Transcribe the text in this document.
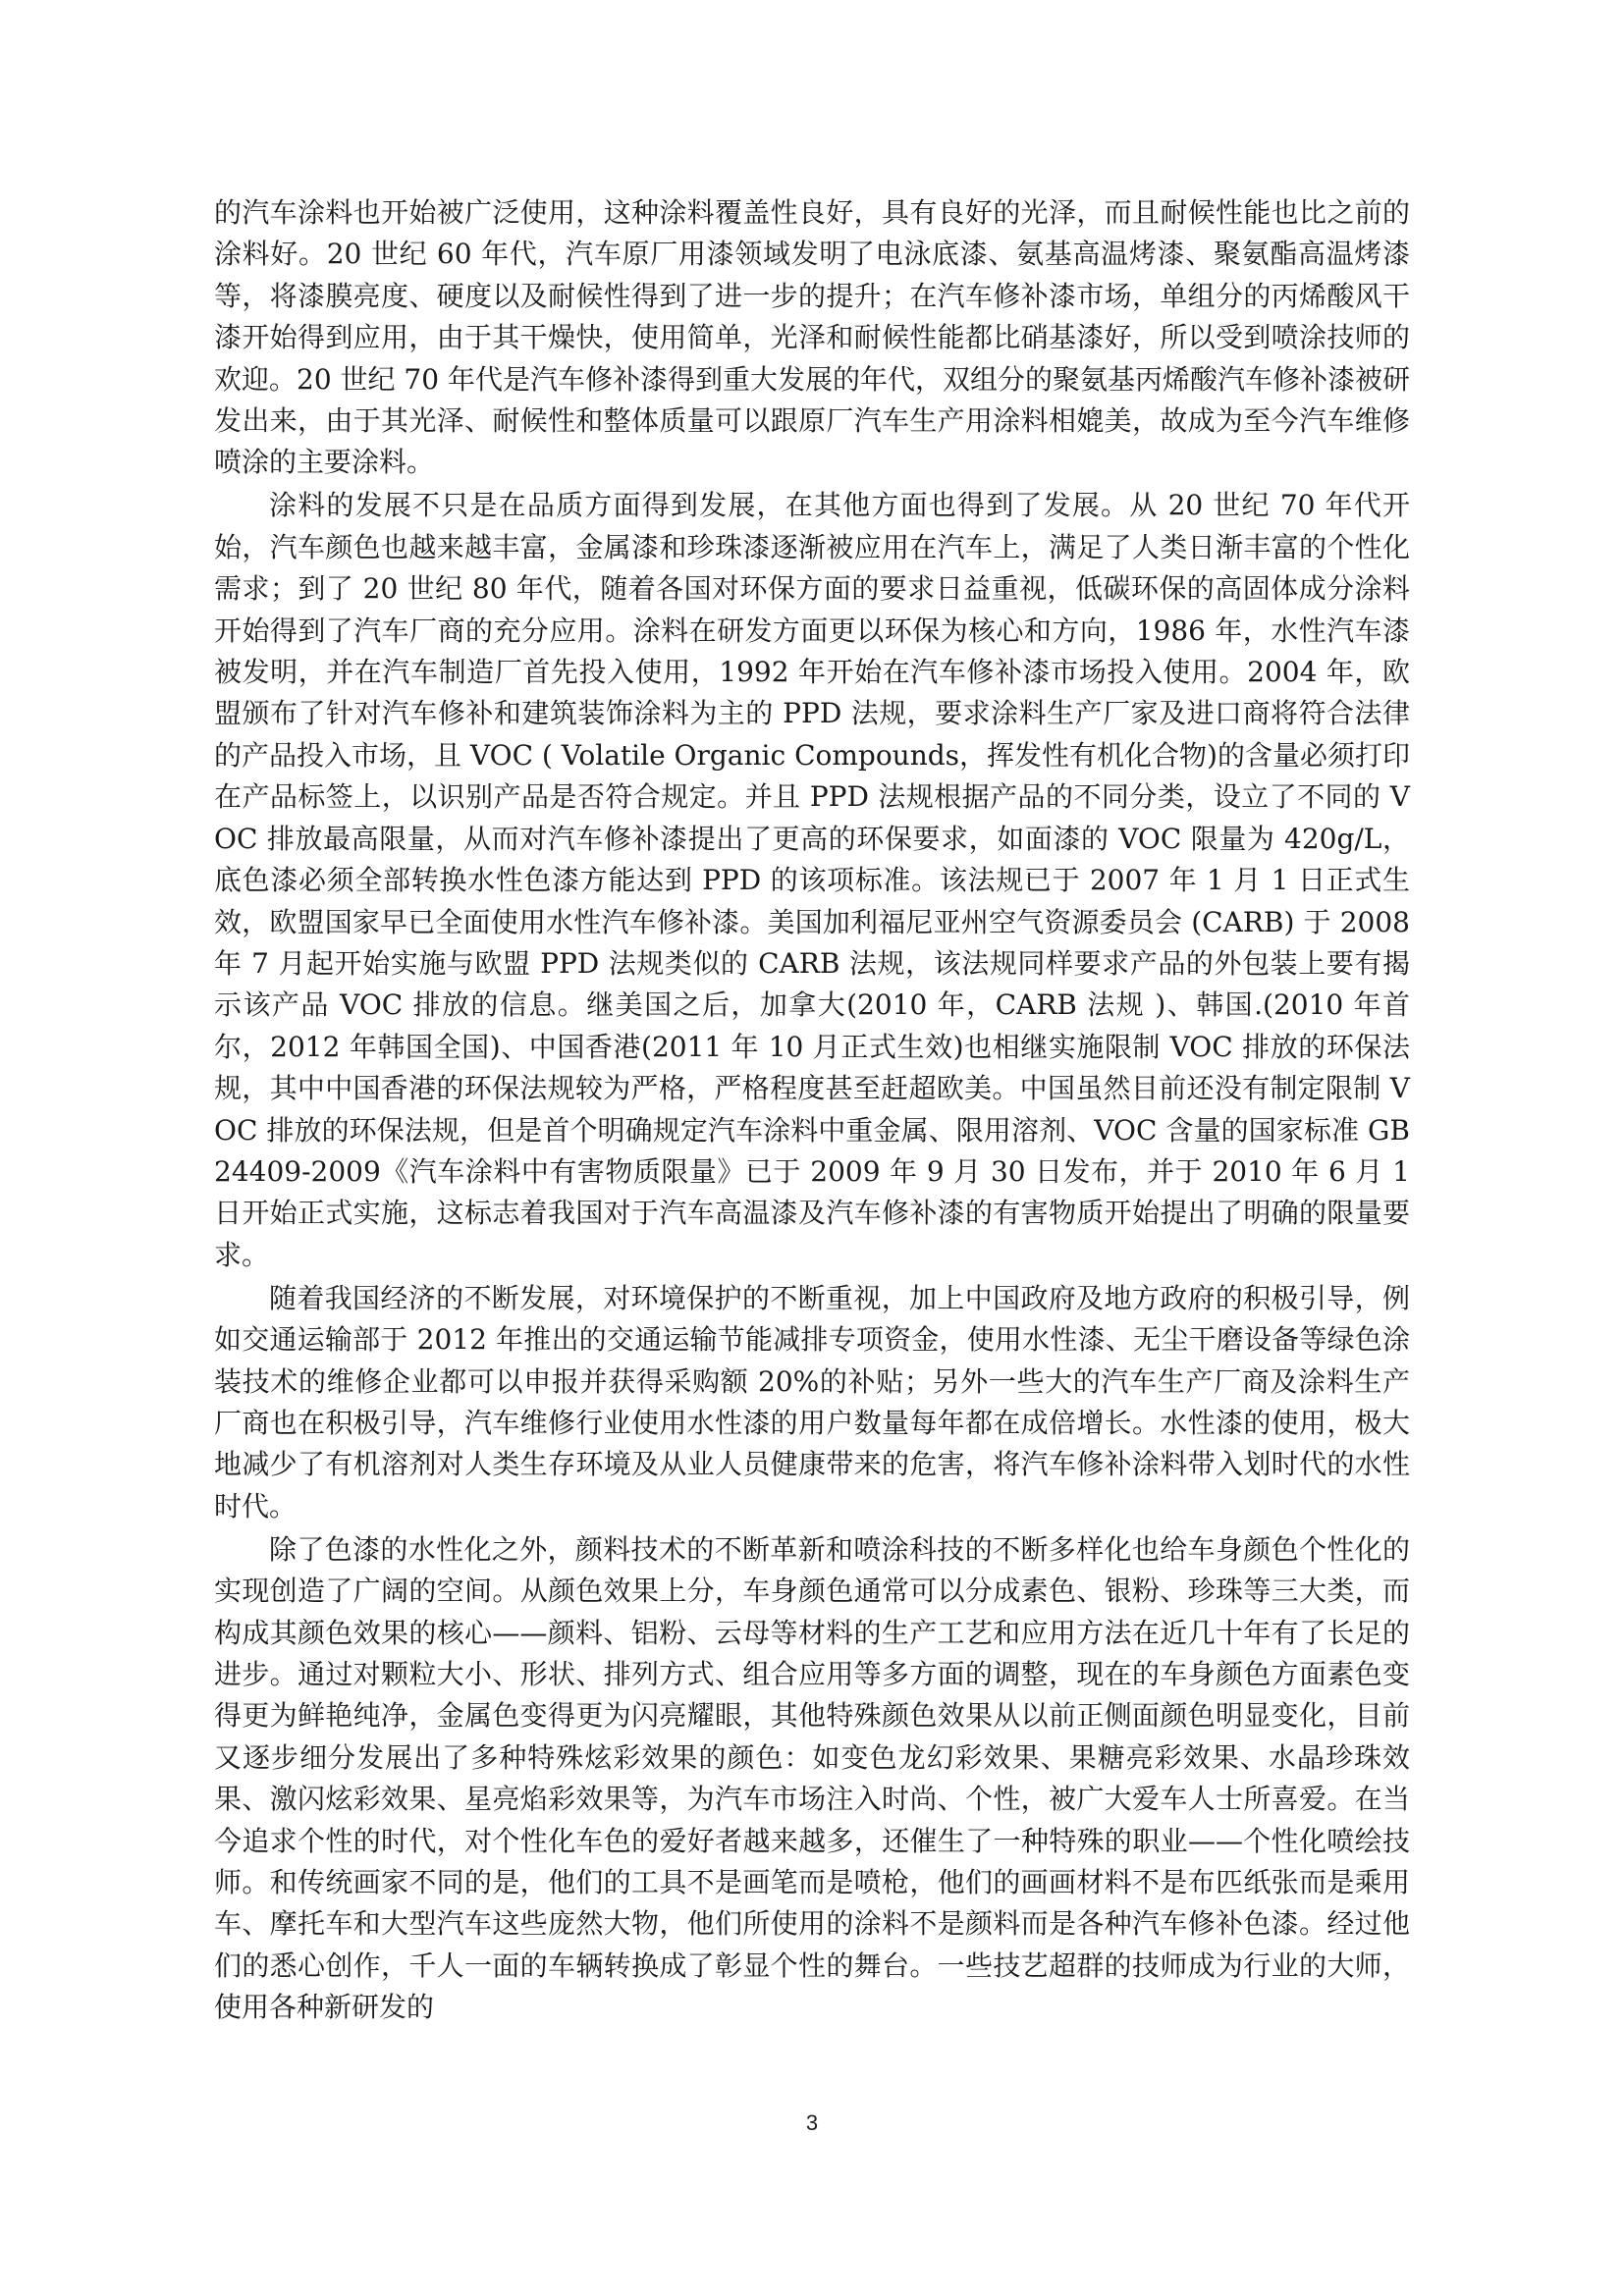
的汽车涂料也开始被广泛使用，这种涂料覆盖性良好，具有良好的光泽，而且耐候性能也比之前的涂料好。20 世纪 60 年代，汽车原厂用漆领域发明了电泳底漆、氨基高温烤漆、聚氨酯高温烤漆等，将漆膜亮度、硬度以及耐候性得到了进一步的提升；在汽车修补漆市场，单组分的丙烯酸风干漆开始得到应用，由于其干燥快，使用简单，光泽和耐候性能都比硝基漆好，所以受到喷涂技师的欢迎。20 世纪 70 年代是汽车修补漆得到重大发展的年代，双组分的聚氨基丙烯酸汽车修补漆被研发出来，由于其光泽、耐候性和整体质量可以跟原厂汽车生产用涂料相媲美，故成为至今汽车维修喷涂的主要涂料。

涂料的发展不只是在品质方面得到发展，在其他方面也得到了发展。从 20 世纪 70 年代开始，汽车颜色也越来越丰富，金属漆和珍珠漆逐渐被应用在汽车上，满足了人类日渐丰富的个性化需求；到了 20 世纪 80 年代，随着各国对环保方面的要求日益重视，低碳环保的高固体成分涂料开始得到了汽车厂商的充分应用。涂料在研发方面更以环保为核心和方向，1986 年，水性汽车漆被发明，并在汽车制造厂首先投入使用，1992 年开始在汽车修补漆市场投入使用。2004 年，欧盟颁布了针对汽车修补和建筑装饰涂料为主的 PPD 法规，要求涂料生产厂家及进口商将符合法律的产品投入市场，且 VOC ( Volatile Organic Compounds，挥发性有机化合物)的含量必须打印在产品标签上，以识别产品是否符合规定。并且 PPD 法规根据产品的不同分类，设立了不同的 VOC 排放最高限量，从而对汽车修补漆提出了更高的环保要求，如面漆的 VOC 限量为 420g/L，底色漆必须全部转换水性色漆方能达到 PPD 的该项标准。该法规已于 2007 年 1 月 1 日正式生效，欧盟国家早已全面使用水性汽车修补漆。美国加利福尼亚州空气资源委员会 (CARB) 于 2008 年 7 月起开始实施与欧盟 PPD 法规类似的 CARB 法规，该法规同样要求产品的外包装上要有揭示该产品 VOC 排放的信息。继美国之后，加拿大(2010 年，CARB 法规 )、韩国.(2010 年首尔，2012 年韩国全国)、中国香港(2011 年 10 月正式生效)也相继实施限制 VOC 排放的环保法规，其中中国香港的环保法规较为严格，严格程度甚至赶超欧美。中国虽然目前还没有制定限制 VOC 排放的环保法规，但是首个明确规定汽车涂料中重金属、限用溶剂、VOC 含量的国家标准 GB24409-2009《汽车涂料中有害物质限量》已于 2009 年 9 月 30 日发布，并于 2010 年 6 月 1 日开始正式实施，这标志着我国对于汽车高温漆及汽车修补漆的有害物质开始提出了明确的限量要求。

随着我国经济的不断发展，对环境保护的不断重视，加上中国政府及地方政府的积极引导，例如交通运输部于 2012 年推出的交通运输节能减排专项资金，使用水性漆、无尘干磨设备等绿色涂装技术的维修企业都可以申报并获得采购额 20%的补贴；另外一些大的汽车生产厂商及涂料生产厂商也在积极引导，汽车维修行业使用水性漆的用户数量每年都在成倍增长。水性漆的使用，极大地减少了有机溶剂对人类生存环境及从业人员健康带来的危害，将汽车修补涂料带入划时代的水性时代。

除了色漆的水性化之外，颜料技术的不断革新和喷涂科技的不断多样化也给车身颜色个性化的实现创造了广阔的空间。从颜色效果上分，车身颜色通常可以分成素色、银粉、珍珠等三大类，而构成其颜色效果的核心——颜料、铝粉、云母等材料的生产工艺和应用方法在近几十年有了长足的进步。通过对颗粒大小、形状、排列方式、组合应用等多方面的调整，现在的车身颜色方面素色变得更为鲜艳纯净，金属色变得更为闪亮耀眼，其他特殊颜色效果从以前正侧面颜色明显变化，目前又逐步细分发展出了多种特殊炫彩效果的颜色：如变色龙幻彩效果、果糖亮彩效果、水晶珍珠效果、激闪炫彩效果、星亮焰彩效果等，为汽车市场注入时尚、个性，被广大爱车人士所喜爱。在当今追求个性的时代，对个性化车色的爱好者越来越多，还催生了一种特殊的职业——个性化喷绘技师。和传统画家不同的是，他们的工具不是画笔而是喷枪，他们的画画材料不是布匹纸张而是乘用车、摩托车和大型汽车这些庞然大物，他们所使用的涂料不是颜料而是各种汽车修补色漆。经过他们的悉心创作，千人一面的车辆转换成了彰显个性的舞台。一些技艺超群的技师成为行业的大师，使用各种新研发的

3
